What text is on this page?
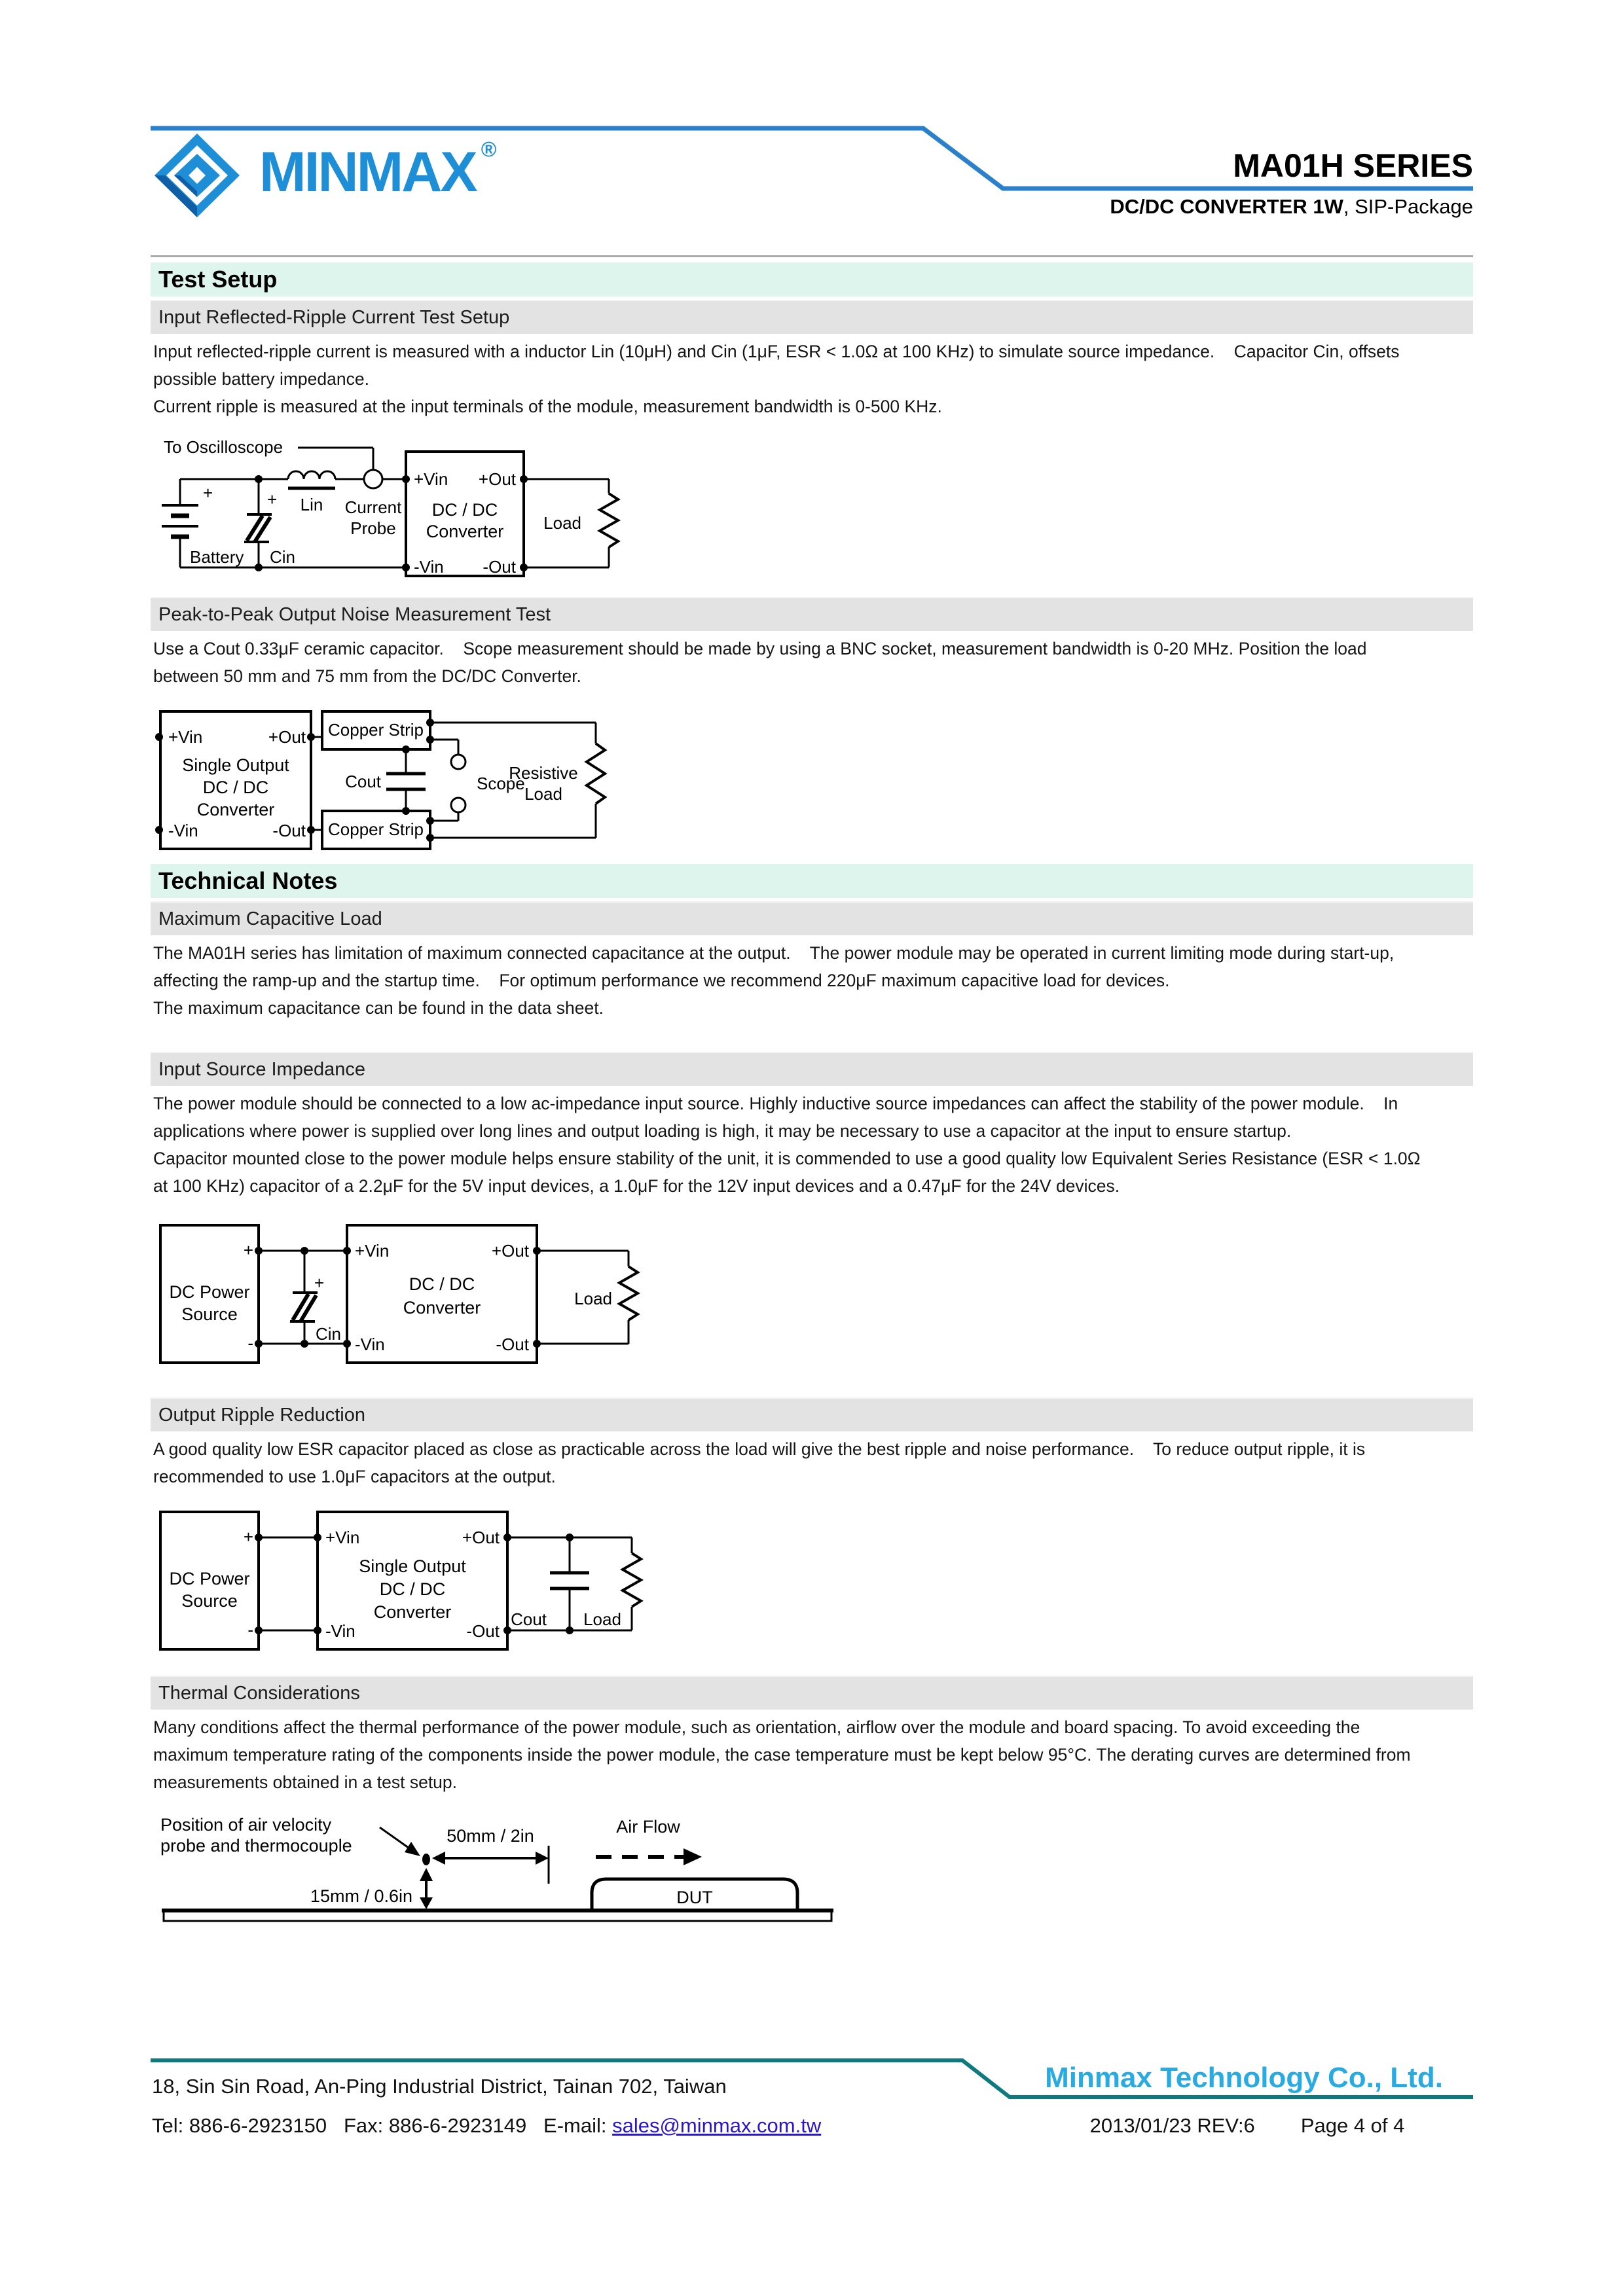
MINMAX ®	MA01H SERIES
DC/DC CONVERTER 1W, SIP-Package
Test Setup
Input Reflected-Ripple Current Test Setup
Input reflected-ripple current is measured with a inductor Lin (10μH) and Cin (1μF, ESR < 1.0Ω at 100 KHz) to simulate source impedance.    Capacitor Cin, offsets
possible battery impedance.
Current ripple is measured at the input terminals of the module, measurement bandwidth is 0-500 KHz.
To Oscilloscope
+
Battery
+
Cin
Lin Current
Probe
+Vin +Out
DC / DC
Converter
-Vin -Out
Load
Peak-to-Peak Output Noise Measurement Test
Use a Cout 0.33μF ceramic capacitor.    Scope measurement should be made by using a BNC socket, measurement bandwidth is 0-20 MHz. Position the load
between 50 mm and 75 mm from the DC/DC Converter.
+Vin	+Out
Single Output
DC / DC
Converter
-Vin	-Out
Copper Strip
Copper Strip
Cout	Scope
Resistive
Load
Technical Notes
Maximum Capacitive Load
The MA01H series has limitation of maximum connected capacitance at the output.    The power module may be operated in current limiting mode during start-up,
affecting the ramp-up and the startup time.    For optimum performance we recommend 220μF maximum capacitive load for devices.
The maximum capacitance can be found in the data sheet.
Input Source Impedance
The power module should be connected to a low ac-impedance input source. Highly inductive source impedances can affect the stability of the power module.    In
applications where power is supplied over long lines and output loading is high, it may be necessary to use a capacitor at the input to ensure startup.
Capacitor mounted close to the power module helps ensure stability of the unit, it is commended to use a good quality low Equivalent Series Resistance (ESR < 1.0Ω
at 100 KHz) capacitor of a 2.2μF for the 5V input devices, a 1.0μF for the 12V input devices and a 0.47μF for the 24V devices.
DC Power
Source
+
-
+
Cin
+Vin	+Out
DC / DC
Converter
-Vin	-Out
Load
Output Ripple Reduction
A good quality low ESR capacitor placed as close as practicable across the load will give the best ripple and noise performance.    To reduce output ripple, it is
recommended to use 1.0μF capacitors at the output.
DC Power
Source
+
-
+Vin	+Out
Single Output
DC / DC
Converter
-Vin	-Out
Cout Load
Thermal Considerations
Many conditions affect the thermal performance of the power module, such as orientation, airflow over the module and board spacing. To avoid exceeding the
maximum temperature rating of the components inside the power module, the case temperature must be kept below 95°C. The derating curves are determined from
measurements obtained in a test setup.
Position of air velocity
probe and thermocouple	50mm / 2in	Air Flow
15mm / 0.6in	DUT
Minmax Technology Co., Ltd.
18, Sin Sin Road, An-Ping Industrial District, Tainan 702, Taiwan
Tel: 886-6-2923150   Fax: 886-6-2923149   E-mail: sales@minmax.com.tw	2013/01/23 REV:6 Page 4 of 4
